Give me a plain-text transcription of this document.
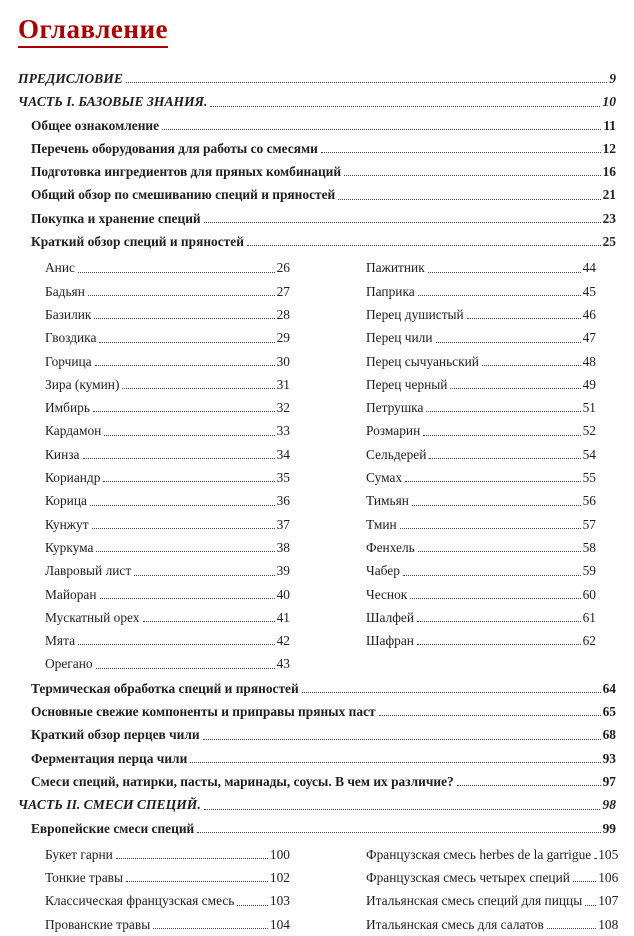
Оглавление
ПРЕДИСЛОВИЕ	9
ЧАСТЬ I. БАЗОВЫЕ ЗНАНИЯ.	10
Общее ознакомление	11
Перечень оборудования для работы со смесями	12
Подготовка ингредиентов для пряных комбинаций	16
Общий обзор по смешиванию специй и пряностей	21
Покупка и хранение специй	23
Краткий обзор специй и пряностей	25
Анис	26
Бадьян	27
Базилик	28
Гвоздика	29
Горчица	30
Зира (кумин)	31
Имбирь	32
Кардамон	33
Кинза	34
Кориандр	35
Корица	36
Кунжут	37
Куркума	38
Лавровый лист	39
Майоран	40
Мускатный орех	41
Мята	42
Орегано	43
Пажитник	44
Паприка	45
Перец душистый	46
Перец чили	47
Перец сычуаньский	48
Перец черный	49
Петрушка	51
Розмарин	52
Сельдерей	54
Сумах	55
Тимьян	56
Тмин	57
Фенхель	58
Чабер	59
Чеснок	60
Шалфей	61
Шафран	62
Термическая обработка специй и пряностей	64
Основные свежие компоненты и приправы пряных паст	65
Краткий обзор перцев чили	68
Ферментация перца чили	93
Смеси специй, натирки, пасты, маринады, соусы. В чем их различие?	97
ЧАСТЬ II. СМЕСИ СПЕЦИЙ.	98
Европейские смеси специй	99
Букет гарни	100
Тонкие травы	102
Классическая французская смесь	103
Прованские травы	104
Французская смесь herbes de la garrigue 105
Французская смесь четырех специй 106
Итальянская смесь специй для пиццы 107
Итальянская смесь для салатов	108
